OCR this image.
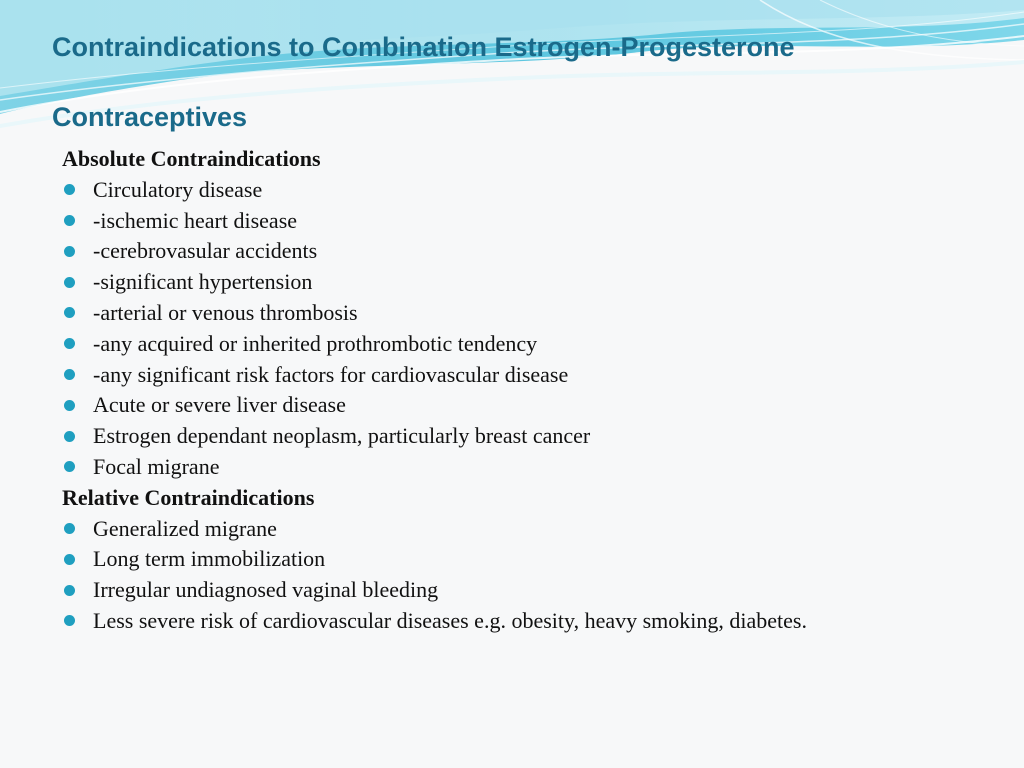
Contraindications to Combination Estrogen-Progesterone Contraceptives
Absolute Contraindications
Circulatory disease
-ischemic heart disease
-cerebrovasular accidents
-significant hypertension
-arterial or venous thrombosis
-any acquired or inherited prothrombotic tendency
-any significant risk factors for cardiovascular disease
Acute or severe liver disease
Estrogen dependant neoplasm, particularly breast cancer
Focal migrane
Relative Contraindications
Generalized migrane
Long term immobilization
Irregular undiagnosed vaginal bleeding
Less severe risk of cardiovascular diseases e.g. obesity, heavy smoking, diabetes.
